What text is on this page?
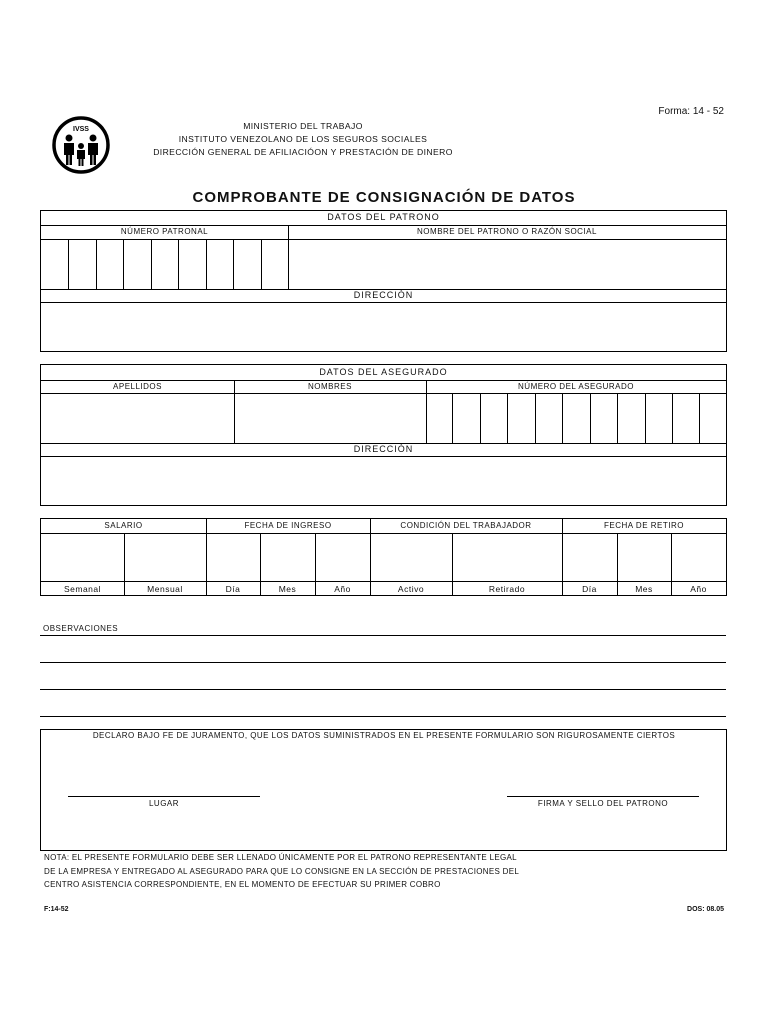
Forma: 14 - 52
IVSS	MINISTERIO DEL TRABAJO
INSTITUTO VENEZOLANO DE LOS SEGUROS SOCIALES
DIRECCIÓN GENERAL DE AFILIACIÓON Y PRESTACIÓN DE DINERO
COMPROBANTE DE CONSIGNACIÓN DE DATOS
DATOS DEL PATRONO
NÚMERO PATRONAL	NOMBRE DEL PATRONO O RAZÓN SOCIAL
DIRECCIÓN
DATOS DEL ASEGURADO
APELLIDOS	NOMBRES	NÚMERO DEL ASEGURADO
DIRECCIÓN
SALARIO	FECHA DE INGRESO	CONDICIÓN DEL TRABAJADOR	FECHA DE RETIRO
Semanal	Mensual	Día	Mes	Año	Activo	Retirado	Día	Mes	Año
OBSERVACIONES
DECLARO BAJO FE DE JURAMENTO, QUE LOS DATOS SUMINISTRADOS EN EL PRESENTE FORMULARIO SON RIGUROSAMENTE CIERTOS
LUGAR	FIRMA Y SELLO DEL PATRONO
NOTA: EL PRESENTE FORMULARIO DEBE SER LLENADO ÚNICAMENTE POR EL PATRONO REPRESENTANTE LEGAL
DE LA EMPRESA Y ENTREGADO AL ASEGURADO PARA QUE LO CONSIGNE EN LA SECCIÓN DE PRESTACIONES DEL
CENTRO ASISTENCIA CORRESPONDIENTE, EN EL MOMENTO DE EFECTUAR SU PRIMER COBRO
F:14-52	DOS: 08.05
